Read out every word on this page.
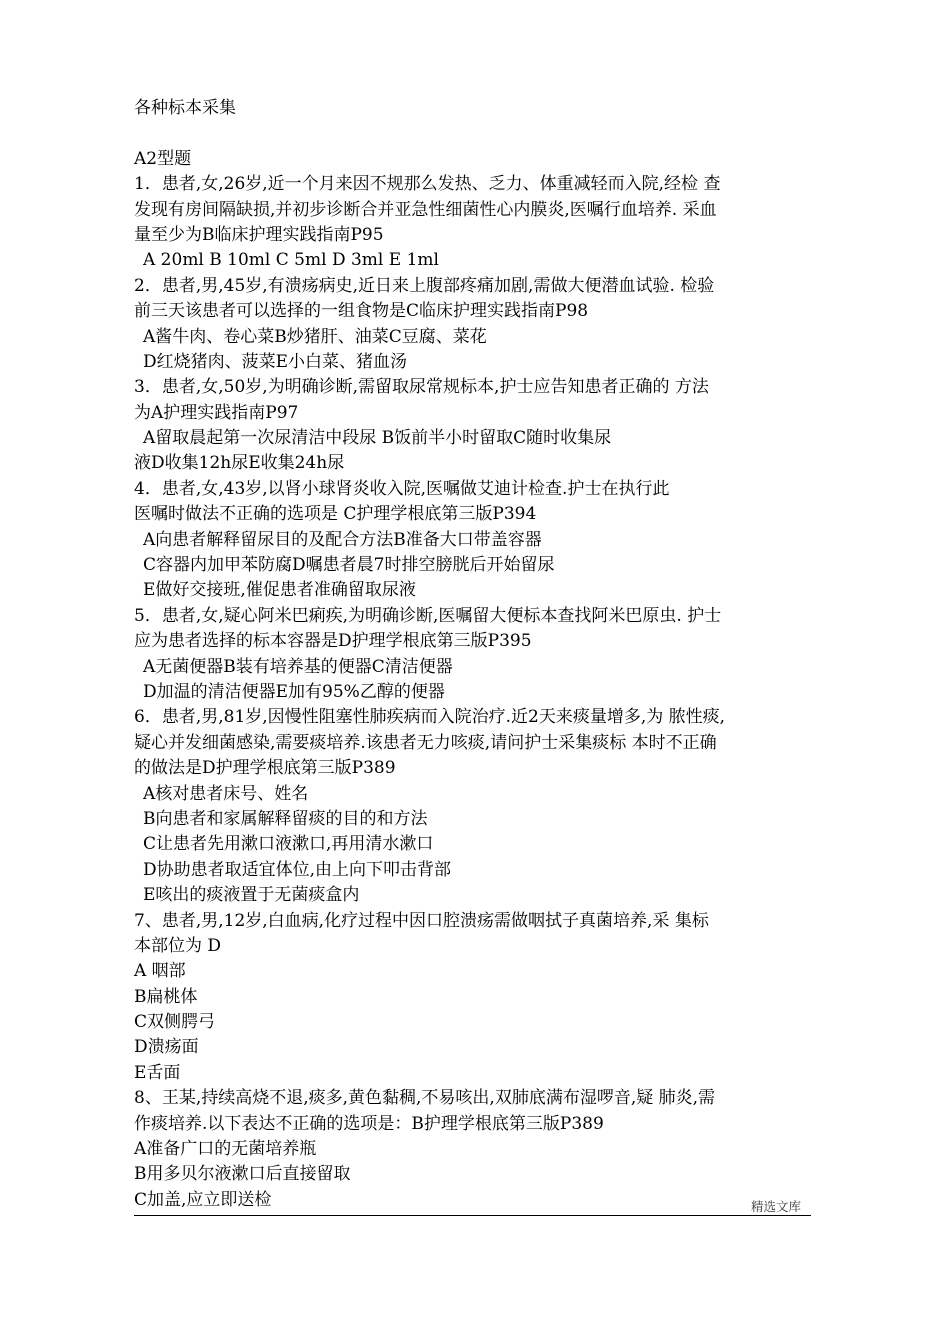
各种标本采集
A2型题
1．患者,女,26岁,近一个月来因不规那么发热、乏力、体重减轻而入院,经检 查
发现有房间隔缺损,并初步诊断合并亚急性细菌性心内膜炎,医嘱行血培养. 采血
量至少为B临床护理实践指南P95
A 20ml B 10ml C 5ml D 3ml E 1ml
2．患者,男,45岁,有溃疡病史,近日来上腹部疼痛加剧,需做大便潜血试验. 检验
前三天该患者可以选择的一组食物是C临床护理实践指南P98
A酱牛肉、卷心菜B炒猪肝、油菜C豆腐、菜花
D红烧猪肉、菠菜E小白菜、猪血汤
3．患者,女,50岁,为明确诊断,需留取尿常规标本,护士应告知患者正确的 方法
为A护理实践指南P97
A留取晨起第一次尿清洁中段尿 B饭前半小时留取C随时收集尿
液D收集12h尿E收集24h尿
4．患者,女,43岁,以肾小球肾炎收入院,医嘱做艾迪计检查.护士在执行此
医嘱时做法不正确的选项是 C护理学根底第三版P394
A向患者解释留尿目的及配合方法B准备大口带盖容器
C容器内加甲苯防腐D嘱患者晨7时排空膀胱后开始留尿
E做好交接班,催促患者准确留取尿液
5．患者,女,疑心阿米巴痢疾,为明确诊断,医嘱留大便标本查找阿米巴原虫. 护士
应为患者选择的标本容器是D护理学根底第三版P395
A无菌便器B装有培养基的便器C清洁便器
D加温的清洁便器E加有95%乙醇的便器
6．患者,男,81岁,因慢性阻塞性肺疾病而入院治疗.近2天来痰量增多,为 脓性痰,
疑心并发细菌感染,需要痰培养.该患者无力咳痰,请问护士采集痰标 本时不正确
的做法是D护理学根底第三版P389
A核对患者床号、姓名
B向患者和家属解释留痰的目的和方法
C让患者先用漱口液漱口,再用清水漱口
D协助患者取适宜体位,由上向下叩击背部
E咳出的痰液置于无菌痰盒内
7、患者,男,12岁,白血病,化疗过程中因口腔溃疡需做咽拭子真菌培养,采 集标
本部位为 D
A 咽部
B扁桃体
C双侧腭弓
D溃疡面
E舌面
8、王某,持续高烧不退,痰多,黄色黏稠,不易咳出,双肺底满布湿啰音,疑 肺炎,需
作痰培养.以下表达不正确的选项是：B护理学根底第三版P389
A准备广口的无菌培养瓶
B用多贝尔液漱口后直接留取
C加盖,应立即送检	精选文库
